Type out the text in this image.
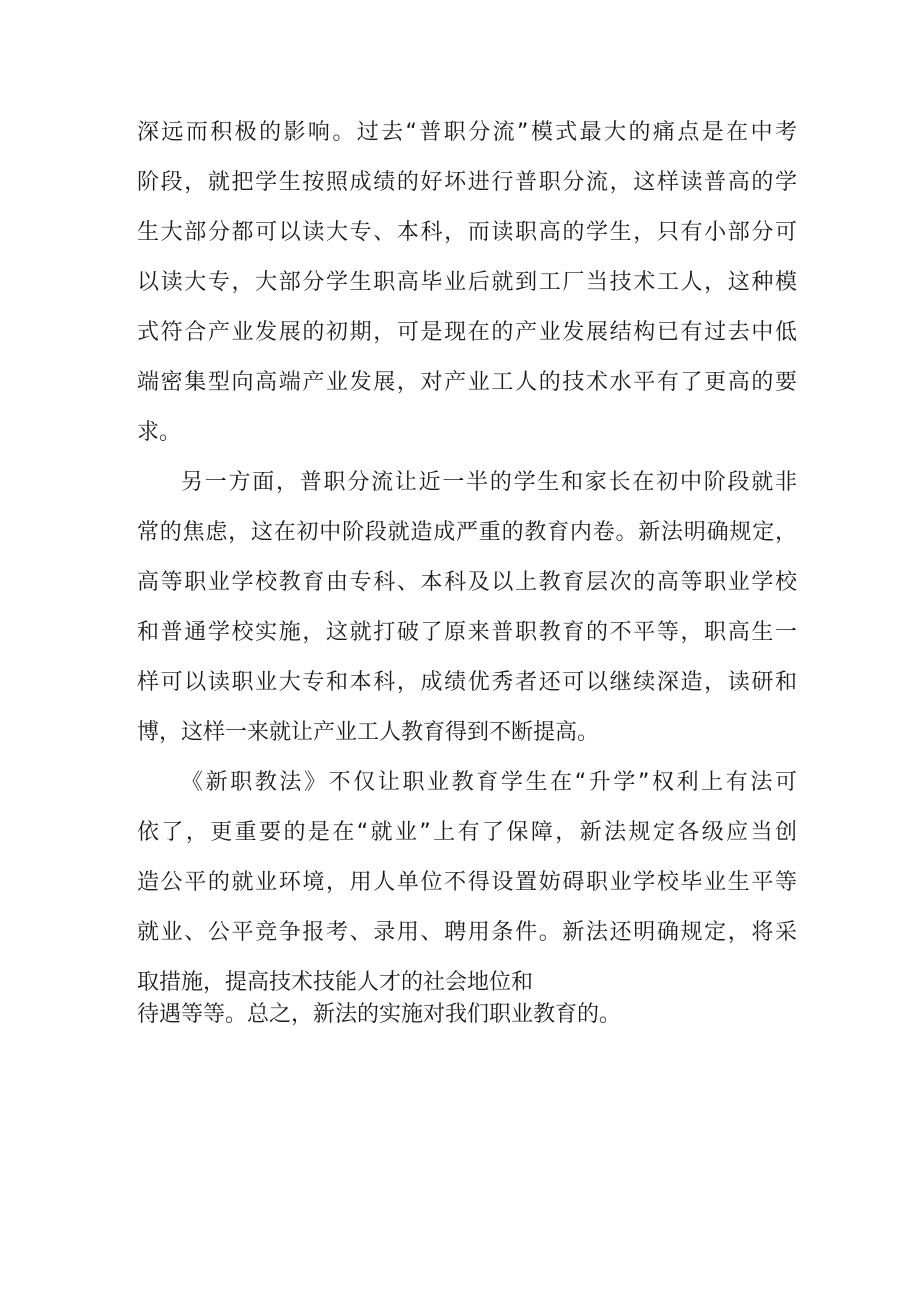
深远而积极的影响。过去“普职分流”模式最大的痛点是在中考
阶段，就把学生按照成绩的好坏进行普职分流，这样读普高的学
生大部分都可以读大专、本科，而读职高的学生，只有小部分可
以读大专，大部分学生职高毕业后就到工厂当技术工人，这种模
式符合产业发展的初期，可是现在的产业发展结构已有过去中低
端密集型向高端产业发展，对产业工人的技术水平有了更高的要
求。
另一方面，普职分流让近一半的学生和家长在初中阶段就非
常的焦虑，这在初中阶段就造成严重的教育内卷。新法明确规定，
高等职业学校教育由专科、本科及以上教育层次的高等职业学校
和普通学校实施，这就打破了原来普职教育的不平等，职高生一
样可以读职业大专和本科，成绩优秀者还可以继续深造，读研和
博，这样一来就让产业工人教育得到不断提高。
《新职教法》不仅让职业教育学生在“升学”权利上有法可
依了，更重要的是在“就业”上有了保障，新法规定各级应当创
造公平的就业环境，用人单位不得设置妨碍职业学校毕业生平等
就业、公平竞争报考、录用、聘用条件。新法还明确规定，将采
取措施，提高技术技能人才的社会地位和
待遇等等。总之，新法的实施对我们职业教育的。
